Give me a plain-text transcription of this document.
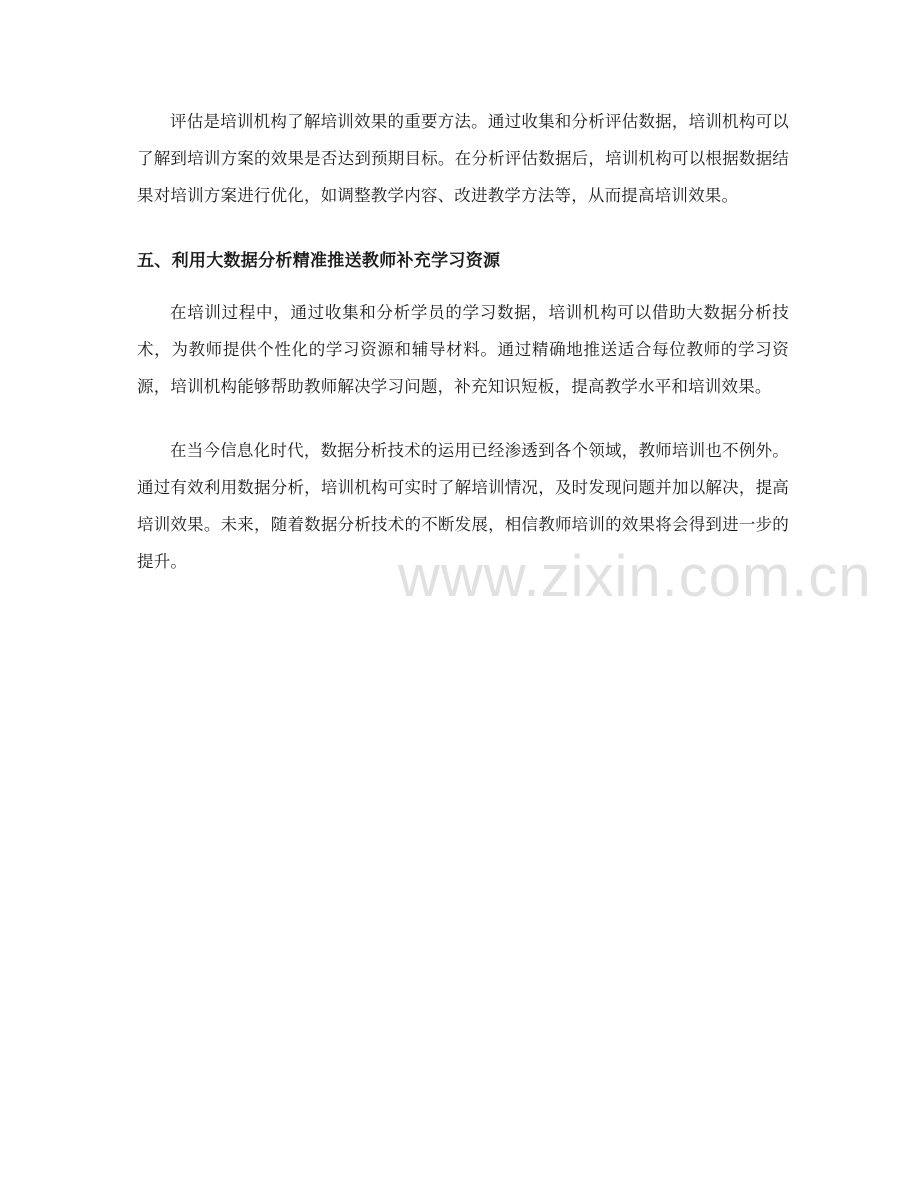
评估是培训机构了解培训效果的重要方法。通过收集和分析评估数据，培训机构可以了解到培训方案的效果是否达到预期目标。在分析评估数据后，培训机构可以根据数据结果对培训方案进行优化，如调整教学内容、改进教学方法等，从而提高培训效果。

五、利用大数据分析精准推送教师补充学习资源

在培训过程中，通过收集和分析学员的学习数据，培训机构可以借助大数据分析技术，为教师提供个性化的学习资源和辅导材料。通过精确地推送适合每位教师的学习资源，培训机构能够帮助教师解决学习问题，补充知识短板，提高教学水平和培训效果。

在当今信息化时代，数据分析技术的运用已经渗透到各个领域，教师培训也不例外。通过有效利用数据分析，培训机构可实时了解培训情况，及时发现问题并加以解决，提高培训效果。未来，随着数据分析技术的不断发展，相信教师培训的效果将会得到进一步的提升。	www.zixin.com.cn
